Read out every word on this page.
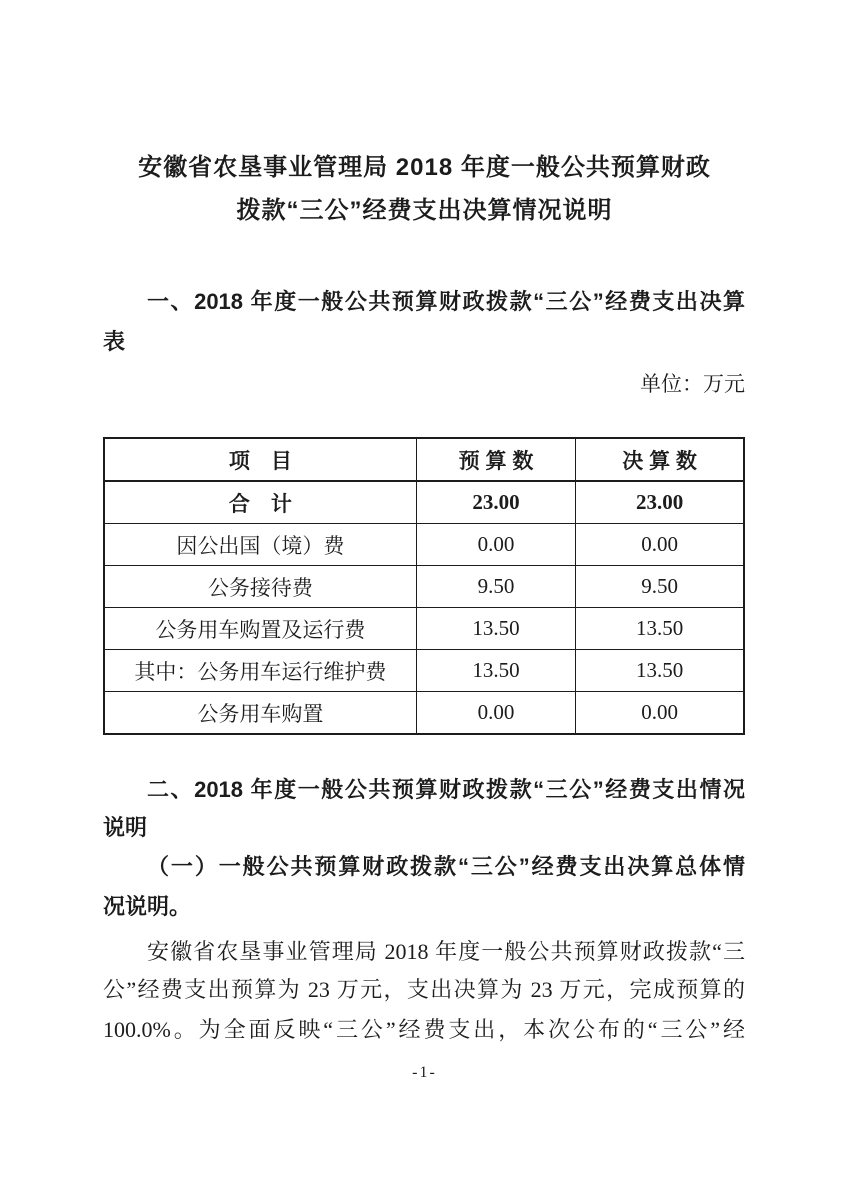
安徽省农垦事业管理局 2018 年度一般公共预算财政
拨款“三公”经费支出决算情况说明
一、2018 年度一般公共预算财政拨款“三公”经费支出决算
表
单位：万元
项　目	预 算 数	决 算 数
合　计	23.00	23.00
因公出国（境）费	0.00	0.00
公务接待费	9.50	9.50
公务用车购置及运行费	13.50	13.50
其中：公务用车运行维护费	13.50	13.50
公务用车购置	0.00	0.00
二、2018 年度一般公共预算财政拨款“三公”经费支出情况
说明
（一）一般公共预算财政拨款“三公”经费支出决算总体情
况说明。
安徽省农垦事业管理局 2018 年度一般公共预算财政拨款“三
公”经费支出预算为 23 万元，支出决算为 23 万元，完成预算的
100.0%。为全面反映“三公”经费支出，本次公布的“三公”经
-1-
